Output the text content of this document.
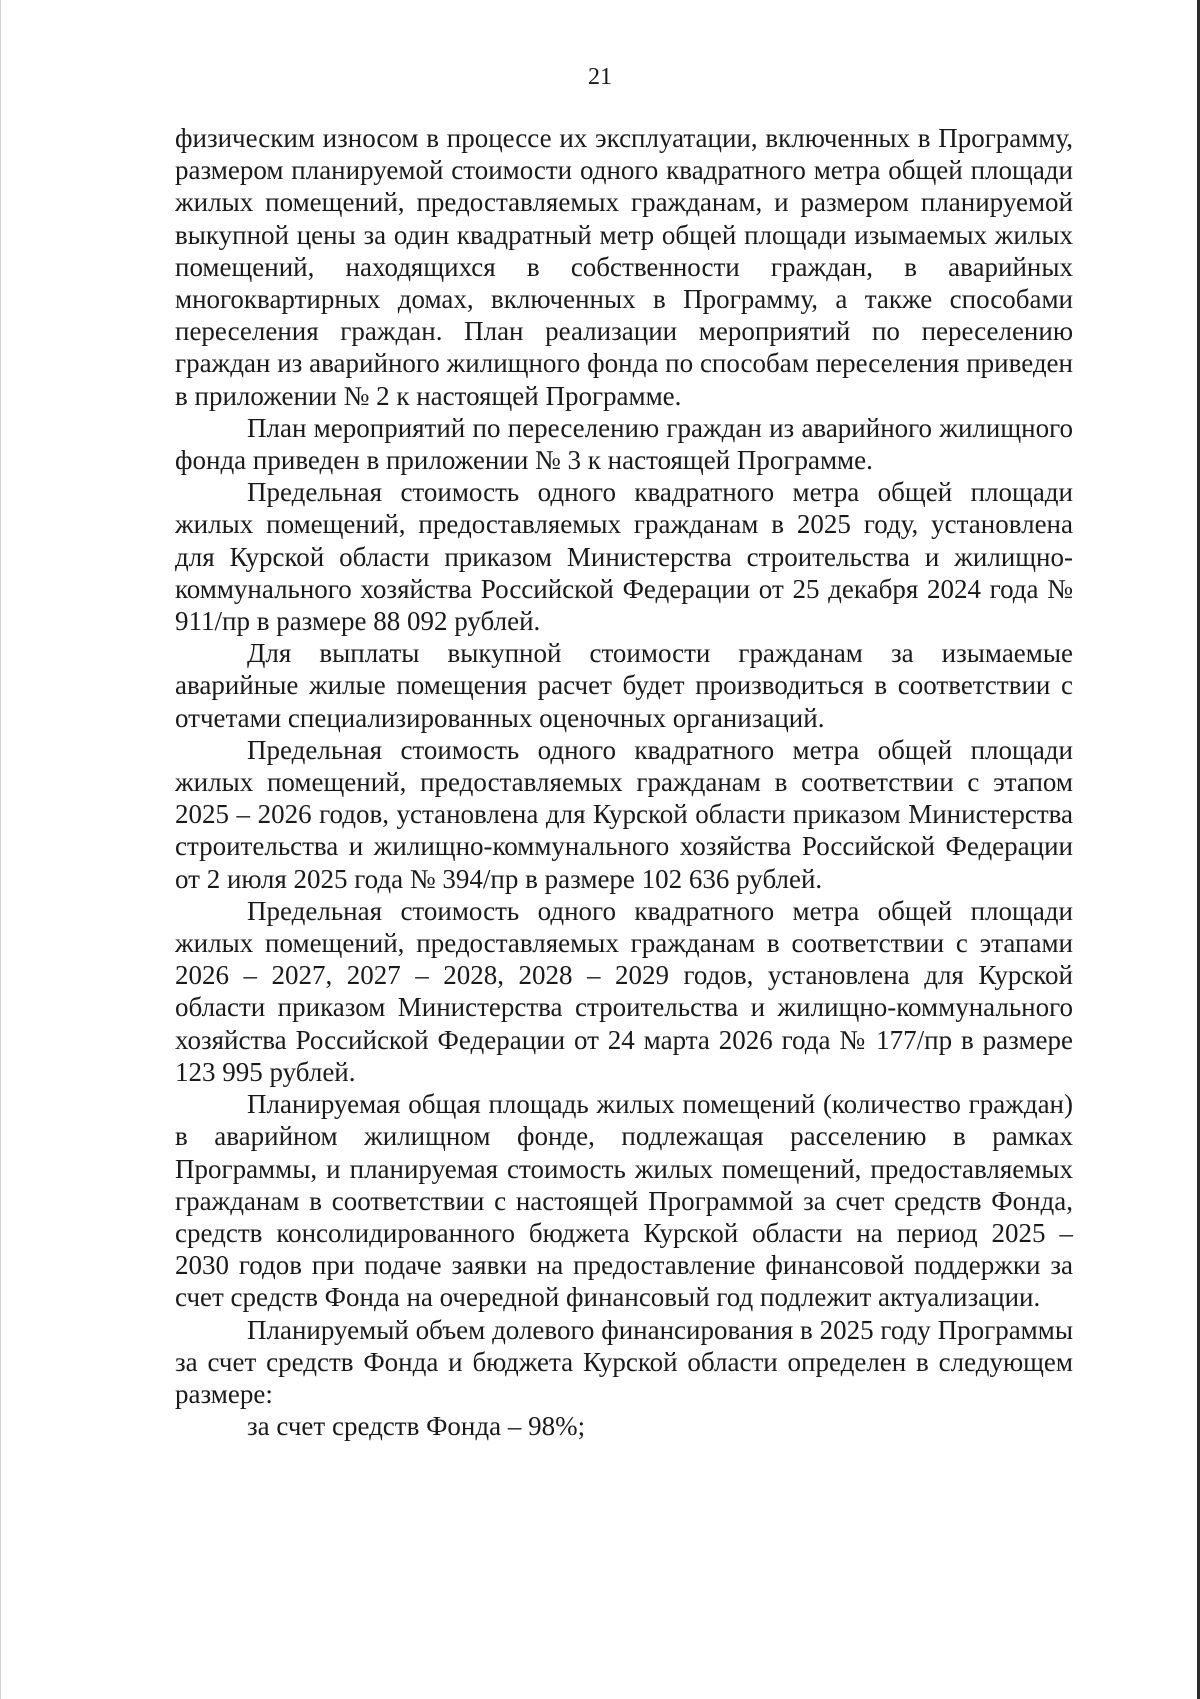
21

физическим износом в процессе их эксплуатации, включенных в Программу, размером планируемой стоимости одного квадратного метра общей площади жилых помещений, предоставляемых гражданам, и размером планируемой выкупной цены за один квадратный метр общей площади изымаемых жилых помещений, находящихся в собственности граждан, в аварийных многоквартирных домах, включенных в Программу, а также способами переселения граждан. План реализации мероприятий по переселению граждан из аварийного жилищного фонда по способам переселения приведен в приложении № 2 к настоящей Программе.

План мероприятий по переселению граждан из аварийного жилищного фонда приведен в приложении № 3 к настоящей Программе.

Предельная стоимость одного квадратного метра общей площади жилых помещений, предоставляемых гражданам в 2025 году, установлена для Курской области приказом Министерства строительства и жилищно-коммунального хозяйства Российской Федерации от 25 декабря 2024 года № 911/пр в размере 88 092 рублей.

Для выплаты выкупной стоимости гражданам за изымаемые аварийные жилые помещения расчет будет производиться в соответствии с отчетами специализированных оценочных организаций.

Предельная стоимость одного квадратного метра общей площади жилых помещений, предоставляемых гражданам в соответствии с этапом 2025 – 2026 годов, установлена для Курской области приказом Министерства строительства и жилищно-коммунального хозяйства Российской Федерации от 2 июля 2025 года № 394/пр в размере 102 636 рублей.

Предельная стоимость одного квадратного метра общей площади жилых помещений, предоставляемых гражданам в соответствии с этапами 2026 – 2027, 2027 – 2028, 2028 – 2029 годов, установлена для Курской области приказом Министерства строительства и жилищно-коммунального хозяйства Российской Федерации от 24 марта 2026 года № 177/пр в размере 123 995 рублей.

Планируемая общая площадь жилых помещений (количество граждан) в аварийном жилищном фонде, подлежащая расселению в рамках Программы, и планируемая стоимость жилых помещений, предоставляемых гражданам в соответствии с настоящей Программой за счет средств Фонда, средств консолидированного бюджета Курской области на период 2025 – 2030 годов при подаче заявки на предоставление финансовой поддержки за счет средств Фонда на очередной финансовый год подлежит актуализации.

Планируемый объем долевого финансирования в 2025 году Программы за счет средств Фонда и бюджета Курской области определен в следующем размере:

за счет средств Фонда – 98%;
